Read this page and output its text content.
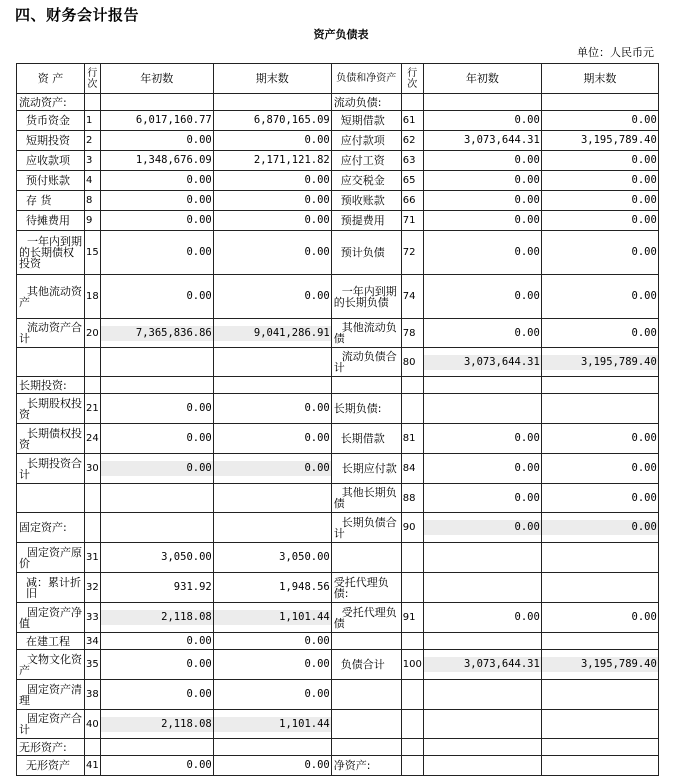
四、财务会计报告
资产负债表
单位：人民币元
资 产	行次	年初数	期末数	负债和净资产	行次	年初数	期末数
流动资产:				流动负债:			
货币资金	1	6,017,160.77	6,870,165.09	短期借款	61	0.00	0.00
短期投资	2	0.00	0.00	应付款项	62	3,073,644.31	3,195,789.40
应收款项	3	1,348,676.09	2,171,121.82	应付工资	63	0.00	0.00
预付账款	4	0.00	0.00	应交税金	65	0.00	0.00
存 货	8	0.00	0.00	预收账款	66	0.00	0.00
待摊费用	9	0.00	0.00	预提费用	71	0.00	0.00
一年内到期的长期债权投资	15	0.00	0.00	预计负债	72	0.00	0.00
其他流动资产	18	0.00	0.00	一年内到期的长期负债	74	0.00	0.00
流动资产合计	20	7,365,836.86	9,041,286.91	其他流动负债	78	0.00	0.00
				流动负债合计	80	3,073,644.31	3,195,789.40
长期投资:							
长期股权投资	21	0.00	0.00	长期负债:			
长期债权投资	24	0.00	0.00	长期借款	81	0.00	0.00
长期投资合计	30	0.00	0.00	长期应付款	84	0.00	0.00
				其他长期负债	88	0.00	0.00
固定资产:				长期负债合计	90	0.00	0.00
固定资产原价	31	3,050.00	3,050.00				
减：累计折旧	32	931.92	1,948.56	受托代理负债:			
固定资产净值	33	2,118.08	1,101.44	受托代理负债	91	0.00	0.00
在建工程	34	0.00	0.00				
文物文化资产	35	0.00	0.00	负债合计	100	3,073,644.31	3,195,789.40
固定资产清理	38	0.00	0.00				
固定资产合计	40	2,118.08	1,101.44				
无形资产:							
无形资产	41	0.00	0.00	净资产:			
